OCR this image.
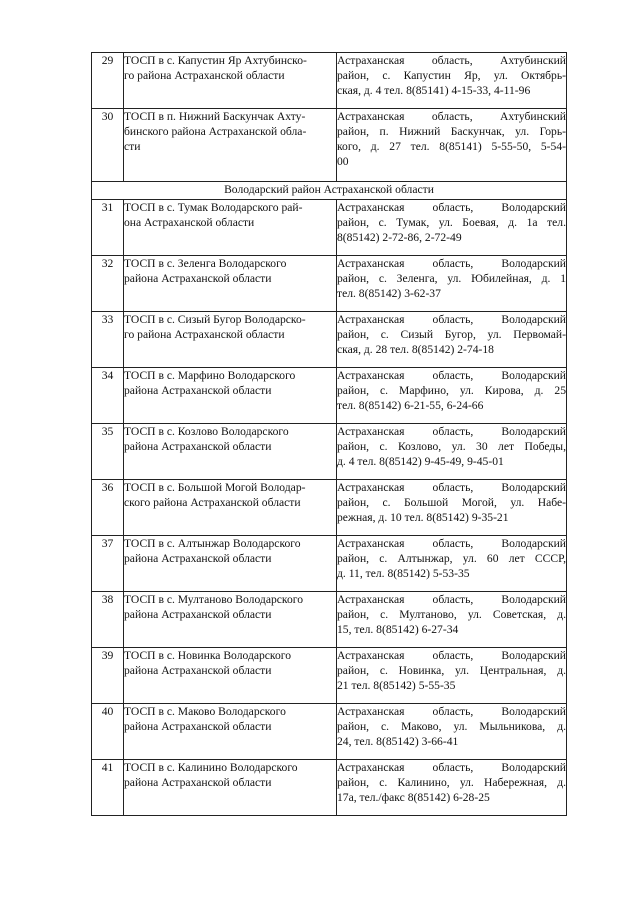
29	ТОСП в с. Капустин Яр Ахтубинско-
го района Астраханской области	Астраханская область, Ахтубинский
район, с. Капустин Яр, ул. Октябрь-
ская, д. 4 тел. 8(85141) 4-15-33, 4-11-96

30	ТОСП в п. Нижний Баскунчак Ахту-
бинского района Астраханской обла-
сти	Астраханская область, Ахтубинский
район, п. Нижний Баскунчак, ул. Горь-
кого, д. 27 тел. 8(85141) 5-55-50, 5-54-
00

Володарский район Астраханской области		
31	ТОСП в с. Тумак Володарского рай-
она Астраханской области	Астраханская область, Володарский
район, с. Тумак, ул. Боевая, д. 1а тел.
8(85142) 2-72-86, 2-72-49

32	ТОСП в с. Зеленга Володарского
района Астраханской области	Астраханская область, Володарский
район, с. Зеленга, ул. Юбилейная, д. 1
тел. 8(85142) 3-62-37

33	ТОСП в с. Сизый Бугор Володарско-
го района Астраханской области	Астраханская область, Володарский
район, с. Сизый Бугор, ул. Первомай-
ская, д. 28 тел. 8(85142) 2-74-18

34	ТОСП в с. Марфино Володарского
района Астраханской области	Астраханская область, Володарский
район, с. Марфино, ул. Кирова, д. 25
тел. 8(85142) 6-21-55, 6-24-66

35	ТОСП в с. Козлово Володарского
района Астраханской области	Астраханская область, Володарский
район, с. Козлово, ул. 30 лет Победы,
д. 4 тел. 8(85142) 9-45-49, 9-45-01

36	ТОСП в с. Большой Могой Володар-
ского района Астраханской области	Астраханская область, Володарский
район, с. Большой Могой, ул. Набе-
режная, д. 10 тел. 8(85142) 9-35-21

37	ТОСП в с. Алтынжар Володарского
района Астраханской области	Астраханская область, Володарский
район, с. Алтынжар, ул. 60 лет СССР,
д. 11, тел. 8(85142) 5-53-35

38	ТОСП в с. Мултаново Володарского
района Астраханской области	Астраханская область, Володарский
район, с. Мултаново, ул. Советская, д.
15, тел. 8(85142) 6-27-34

39	ТОСП в с. Новинка Володарского
района Астраханской области	Астраханская область, Володарский
район, с. Новинка, ул. Центральная, д.
21 тел. 8(85142) 5-55-35

40	ТОСП в с. Маково Володарского
района Астраханской области	Астраханская область, Володарский
район, с. Маково, ул. Мыльникова, д.
24, тел. 8(85142) 3-66-41

41	ТОСП в с. Калинино Володарского
района Астраханской области	Астраханская область, Володарский
район, с. Калинино, ул. Набережная, д.
17а, тел./факс 8(85142) 6-28-25
